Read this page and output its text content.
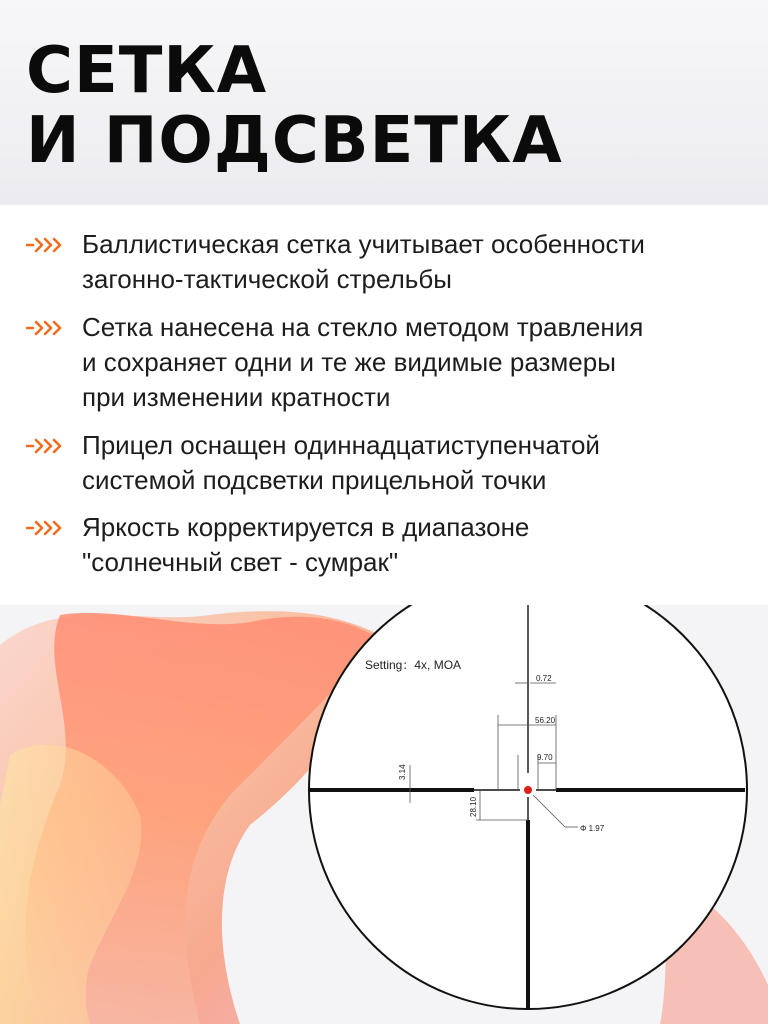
СЕТКА
И ПОДСВЕТКА

Баллистическая сетка учитывает особенности
загонно-тактической стрельбы

Сетка нанесена на стекло методом травления
и сохраняет одни и те же видимые размеры
при изменении кратности

Прицел оснащен одиннадцатиступенчатой
системой подсветки прицельной точки

Яркость корректируется в диапазоне
"солнечный свет - сумрак"

Setting：4x, MOA
0.72
56.20
9.70
Φ 1.97
3.14
28.10
